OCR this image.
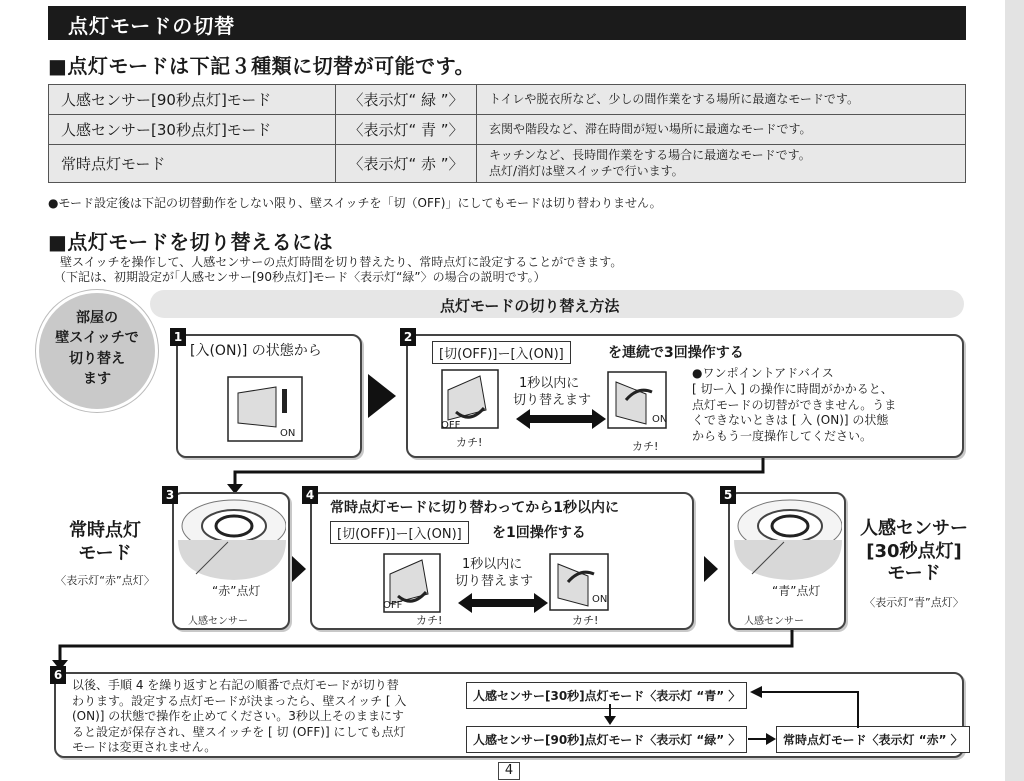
点灯モードの切替
■点灯モードは下記３種類に切替が可能です。
人感センサー[90秒点灯]モード	〈表示灯“ 緑 ”〉	トイレや脱衣所など、少しの間作業をする場所に最適なモードです。
人感センサー[30秒点灯]モード	〈表示灯“ 青 ”〉	玄関や階段など、滞在時間が短い場所に最適なモードです。
常時点灯モード	〈表示灯“ 赤 ”〉	キッチンなど、長時間作業をする場合に最適なモードです。
点灯/消灯は壁スイッチで行います。
●モード設定後は下記の切替動作をしない限り、壁スイッチを「切（OFF)」にしてもモードは切り替わりません。
■点灯モードを切り替えるには
壁スイッチを操作して、人感センサーの点灯時間を切り替えたり、常時点灯に設定することができます。
（下記は、初期設定が｢人感センサー[90秒点灯]モード〈表示灯“緑”〉の場合の説明です。）
点灯モードの切り替え方法
部屋の
壁スイッチで
切り替え
ます
1
[入(ON)] の状態から
ON
2
[切(OFF)]ー[入(ON)]	を連続で3回操作する
OFF
カチ!
1秒以内に
切り替えます
ON
カチ!
●ワンポイントアドバイス
[ 切ー入 ] の操作に時間がかかると、
点灯モードの切替ができません。うま
くできないときは [ 入 (ON)] の状態
からもう一度操作してください。
3
“赤”点灯
人感センサー
常時点灯
モード
〈表示灯“赤”点灯〉
4
常時点灯モードに切り替わってから1秒以内に
[切(OFF)]ー[入(ON)]	を1回操作する
OFF
カチ!
1秒以内に
切り替えます
ON
カチ!
5
“青”点灯
人感センサー
人感センサー
[30秒点灯]
モード
〈表示灯“青”点灯〉
6
以後、手順 4 を繰り返すと右記の順番で点灯モードが切り替
わります。設定する点灯モードが決まったら、壁スイッチ [ 入
(ON)] の状態で操作を止めてください。3秒以上そのままにす
ると設定が保存され、壁スイッチを [ 切 (OFF)] にしても点灯
モードは変更されません。
人感センサー[30秒]点灯モード〈表示灯 “青” 〉
人感センサー[90秒]点灯モード〈表示灯 “緑” 〉	常時点灯モード〈表示灯 “赤” 〉
4
